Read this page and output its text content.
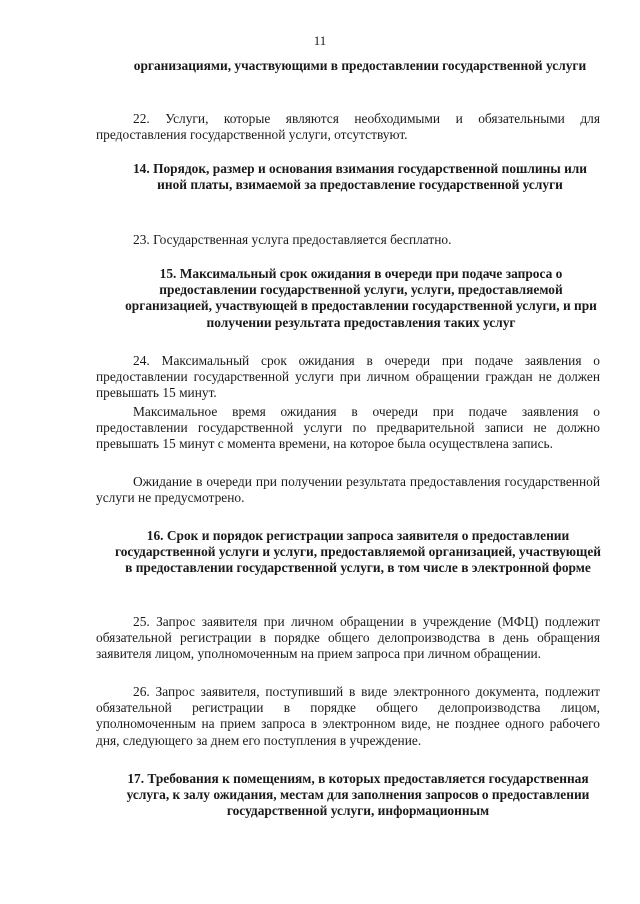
11

организациями, участвующими в предоставлении государственной услуги

22. Услуги, которые являются необходимыми и обязательными для предоставления государственной услуги, отсутствуют.

14. Порядок, размер и основания взимания государственной пошлины или иной платы, взимаемой за предоставление государственной услуги

23. Государственная услуга предоставляется бесплатно.

15. Максимальный срок ожидания в очереди при подаче запроса о предоставлении государственной услуги, услуги, предоставляемой организацией, участвующей в предоставлении государственной услуги, и при получении результата предоставления таких услуг

24. Максимальный срок ожидания в очереди при подаче заявления о предоставлении государственной услуги при личном обращении граждан не должен превышать 15 минут.

Максимальное время ожидания в очереди при подаче заявления о предоставлении государственной услуги по предварительной записи не должно превышать 15 минут с момента времени, на которое была осуществлена запись.

Ожидание в очереди при получении результата предоставления государственной услуги не предусмотрено.

16. Срок и порядок регистрации запроса заявителя о предоставлении государственной услуги и услуги, предоставляемой организацией, участвующей в предоставлении государственной услуги, в том числе в электронной форме

25. Запрос заявителя при личном обращении в учреждение (МФЦ) подлежит обязательной регистрации в порядке общего делопроизводства в день обращения заявителя лицом, уполномоченным на прием запроса при личном обращении.

26. Запрос заявителя, поступивший в виде электронного документа, подлежит обязательной регистрации в порядке общего делопроизводства лицом, уполномоченным на прием запроса в электронном виде, не позднее одного рабочего дня, следующего за днем его поступления в учреждение.

17. Требования к помещениям, в которых предоставляется государственная услуга, к залу ожидания, местам для заполнения запросов о предоставлении государственной услуги, информационным
